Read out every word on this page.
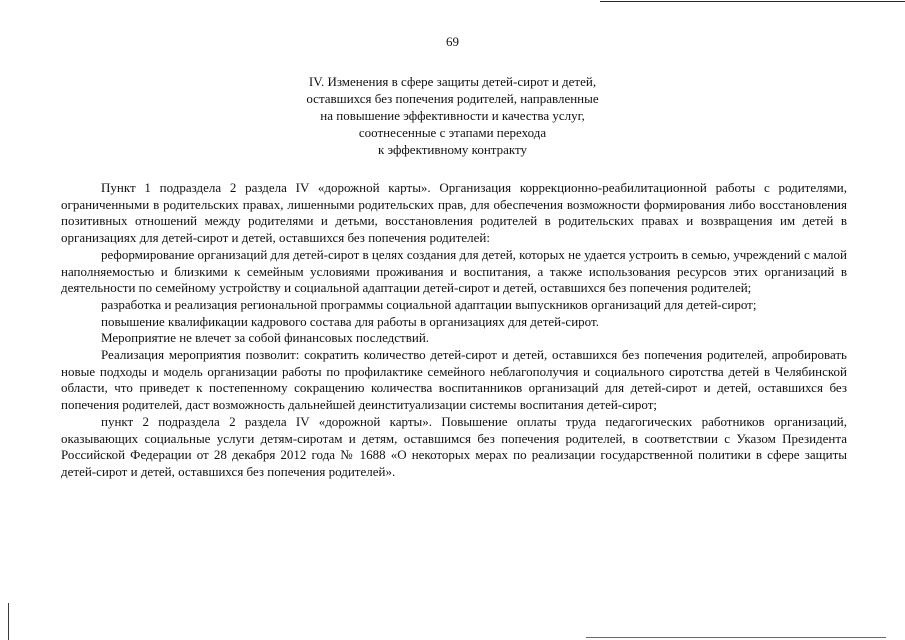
69
IV. Изменения в сфере защиты детей-сирот и детей,
оставшихся без попечения родителей, направленные
на повышение эффективности и качества услуг,
соотнесенные с этапами перехода
к эффективному контракту

Пункт 1 подраздела 2 раздела IV «дорожной карты». Организация коррекционно-реабилитационной работы с родителями, ограниченными в родительских правах, лишенными родительских прав, для обеспечения возможности формирования либо восстановления позитивных отношений между родителями и детьми, восстановления родителей в родительских правах и возвращения им детей в организациях для детей-сирот и детей, оставшихся без попечения родителей:

реформирование организаций для детей-сирот в целях создания для детей, которых не удается устроить в семью, учреждений с малой наполняемостью и близкими к семейным условиями проживания и воспитания, а также использования ресурсов этих организаций в деятельности по семейному устройству и социальной адаптации детей-сирот и детей, оставшихся без попечения родителей;

разработка и реализация региональной программы социальной адаптации выпускников организаций для детей-сирот;

повышение квалификации кадрового состава для работы в организациях для детей-сирот.

Мероприятие не влечет за собой финансовых последствий.

Реализация мероприятия позволит: сократить количество детей-сирот и детей, оставшихся без попечения родителей, апробировать новые подходы и модель организации работы по профилактике семейного неблагополучия и социального сиротства детей в Челябинской области, что приведет к постепенному сокращению количества воспитанников организаций для детей-сирот и детей, оставшихся без попечения родителей, даст возможность дальнейшей деинституализации системы воспитания детей-сирот;

пункт 2 подраздела 2 раздела IV «дорожной карты». Повышение оплаты труда педагогических работников организаций, оказывающих социальные услуги детям-сиротам и детям, оставшимся без попечения родителей, в соответствии с Указом Президента Российской Федерации от 28 декабря 2012 года № 1688 «О некоторых мерах по реализации государственной политики в сфере защиты детей-сирот и детей, оставшихся без попечения родителей».
